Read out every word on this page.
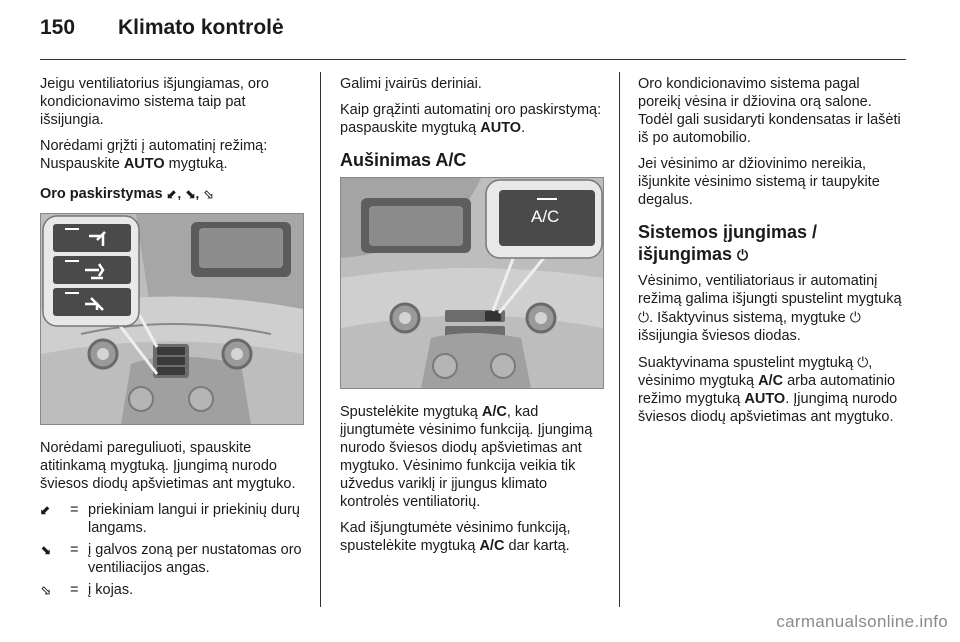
150 Klimato kontrolė

Jeigu ventiliatorius išjungiamas, oro kondicionavimo sistema taip pat išsijungia.

Norėdami grįžti į automatinį režimą: Nuspauskite AUTO mygtuką.

Oro paskirstymas ⬋, ⬊, ⬂

Norėdami pareguliuoti, spauskite atitinkamą mygtuką. Įjungimą nurodo šviesos diodų apšvietimas ant mygtuko.

⬋	= priekiniam langui ir priekinių durų langams.
⬊	= į galvos zoną per nustatomas oro ventiliacijos angas.
⬂	= į kojas.

Galimi įvairūs deriniai.

Kaip grąžinti automatinį oro paskirstymą: paspauskite mygtuką AUTO.

Aušinimas A/C
A/C

Spustelėkite mygtuką A/C, kad įjungtumėte vėsinimo funkciją. Įjungimą nurodo šviesos diodų apšvietimas ant mygtuko. Vėsinimo funkcija veikia tik užvedus variklį ir įjungus klimato kontrolės ventiliatorių.

Kad išjungtumėte vėsinimo funkciją, spustelėkite mygtuką A/C dar kartą.

Oro kondicionavimo sistema pagal poreikį vėsina ir džiovina orą salone. Todėl gali susidaryti kondensatas ir lašėti iš po automobilio.

Jei vėsinimo ar džiovinimo nereikia, išjunkite vėsinimo sistemą ir taupykite degalus.

Sistemos įjungimas / išjungimas ⏻

Vėsinimo, ventiliatoriaus ir automatinį režimą galima išjungti spustelint mygtuką ⏻. Išaktyvinus sistemą, mygtuke ⏻ išsijungia šviesos diodas.

Suaktyvinama spustelint mygtuką ⏻, vėsinimo mygtuką A/C arba automatinio režimo mygtuką AUTO. Įjungimą nurodo šviesos diodų apšvietimas ant mygtuko.

carmanualsonline.info
